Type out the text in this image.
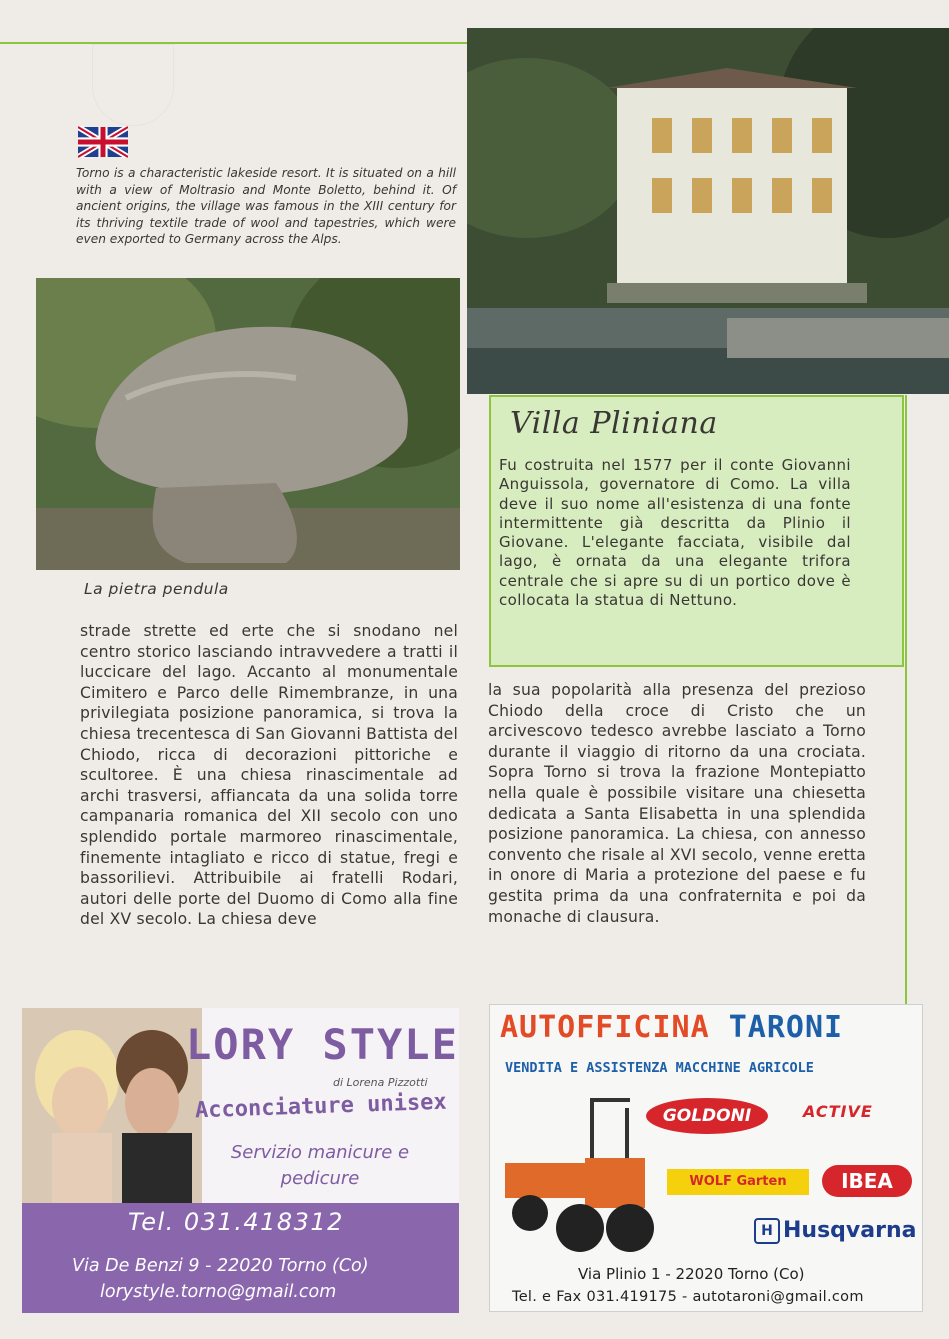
Torno is a characteristic lakeside resort. It is situated on a hill with a view of Moltrasio and Monte Boletto, behind it. Of ancient origins, the village was famous in the XIII century for its thriving textile trade of wool and tapestries, which were even exported to Germany across the Alps.
La pietra pendula
Villa Pliniana
Fu costruita nel 1577 per il conte Giovanni Anguissola, governatore di Como. La villa deve il suo nome all'esistenza di una fonte intermittente già descritta da Plinio il Giovane. L'elegante facciata, visibile dal lago, è ornata da una elegante trifora centrale che si apre su di un portico dove è collocata la statua di Nettuno.
strade strette ed erte che si snodano nel centro storico lasciando intravvedere a tratti il luccicare del lago. Accanto al monumentale Cimitero e Parco delle Rimembranze, in una privilegiata posizione panoramica, si trova la chiesa trecentesca di San Giovanni Battista del Chiodo, ricca di decorazioni pittoriche e scultoree. È una chiesa rinascimentale ad archi trasversi, affiancata da una solida torre campanaria romanica del XII secolo con uno splendido portale marmoreo rinascimentale, finemente intagliato e ricco di statue, fregi e bassorilievi. Attribuibile ai fratelli Rodari, autori delle porte del Duomo di Como alla fine del XV secolo. La chiesa deve
la sua popolarità alla presenza del prezioso Chiodo della croce di Cristo che un arcivescovo tedesco avrebbe lasciato a Torno durante il viaggio di ritorno da una crociata. Sopra Torno si trova la frazione Montepiatto nella quale è possibile visitare una chiesetta dedicata a Santa Elisabetta in una splendida posizione panoramica. La chiesa, con annesso convento che risale al XVI secolo, venne eretta in onore di Maria a protezione del paese e fu gestita prima da una confraternita e poi da monache di clausura.
LORY STYLE
di Lorena Pizzotti
Acconciature unisex
Servizio manicure e pedicure
Tel. 031.418312
Via De Benzi 9 - 22020 Torno (Co)
lorystyle.torno@gmail.com
AUTOFFICINA TARONI
VENDITA E ASSISTENZA MACCHINE AGRICOLE
GOLDONI	ACTIVE
WOLF Garten	IBEA
H Husqvarna
Via Plinio 1 - 22020 Torno (Co)
Tel. e Fax 031.419175 - autotaroni@gmail.com
